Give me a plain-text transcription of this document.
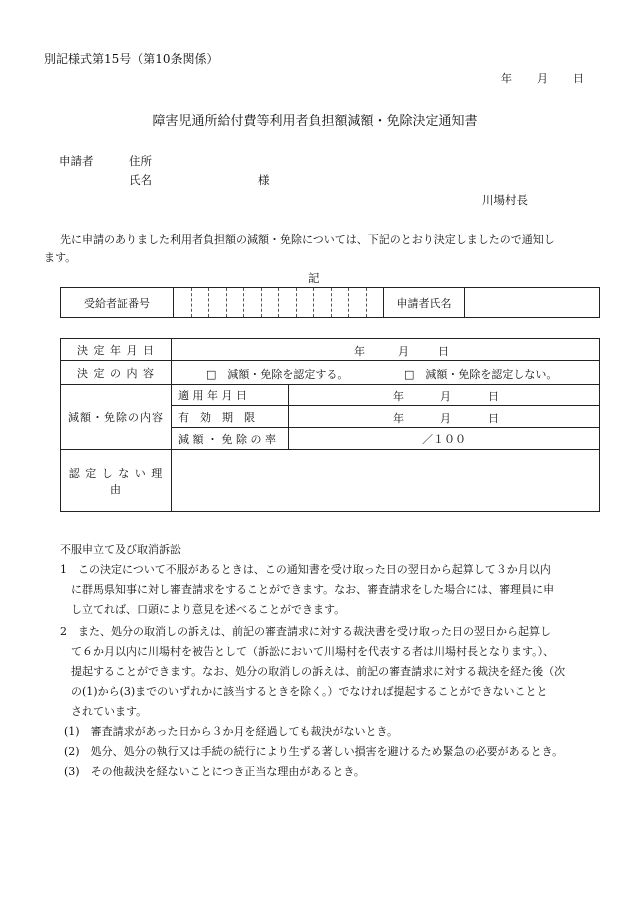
別記様式第15号（第10条関係）
年 月 日
障害児通所給付費等利用者負担額減額・免除決定通知書
申請者	住所
氏名	様
川場村長
先に申請のありました利用者負担額の減額・免除については、下記のとおり決定しましたので通知し
ます。
記
受給者証番号													申請者氏名	
決 定 年 月 日	年 月 日	

決 定 の 内 容	□　減額・免除を認定する。 □　減額・免除を認定しない。	

減額・免除の内容	適 用 年 月 日	年 月 日

	有　効　期　限	年 月 日

	減 額 ・ 免 除 の 率	／１００
認 定 し な い 理 由		
不服申立て及び取消訴訟
1　この決定について不服があるときは、この通知書を受け取った日の翌日から起算して３か月以内
に群馬県知事に対し審査請求をすることができます。なお、審査請求をした場合には、審理員に申
し立てれば、口頭により意見を述べることができます。
2　また、処分の取消しの訴えは、前記の審査請求に対する裁決書を受け取った日の翌日から起算し
て６か月以内に川場村を被告として（訴訟において川場村を代表する者は川場村長となります。）、
提起することができます。なお、処分の取消しの訴えは、前記の審査請求に対する裁決を経た後（次
の(1)から(3)までのいずれかに該当するときを除く。）でなければ提起することができないことと
されています。
(1)　審査請求があった日から３か月を経過しても裁決がないとき。
(2)　処分、処分の執行又は手続の続行により生ずる著しい損害を避けるため緊急の必要があるとき。
(3)　その他裁決を経ないことにつき正当な理由があるとき。
